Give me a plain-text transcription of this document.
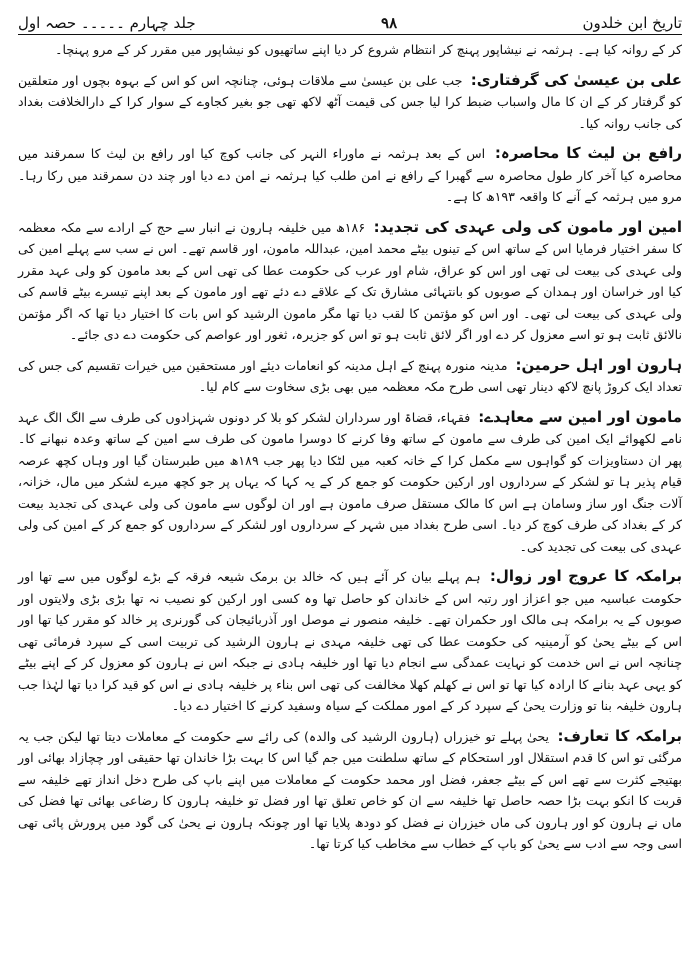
تاریخ ابن خلدون
۹۸
جلد چہارم ۔۔۔۔۔ حصہ اول

کر کے روانہ کیا ہے۔ ہرثمہ نے نیشاپور پہنچ کر انتظام شروع کر دیا اپنے ساتھیوں کو نیشاپور میں مقرر کر کے مرو پہنچا۔

علی بن عیسیٰ کی گرفتاری: جب علی بن عیسیٰ سے ملاقات ہوئی، چنانچہ اس کو اس کے بہوہ بچوں اور متعلقین کو گرفتار کر کے ان کا مال واسباب ضبط کرا لیا جس کی قیمت آٹھ لاکھ تھی جو بغیر کجاوے کے سوار کرا کے دارالخلافت بغداد کی جانب روانہ کیا۔

رافع بن لیث کا محاصرہ: اس کے بعد ہرثمہ نے ماوراء النہر کی جانب کوچ کیا اور رافع بن لیث کا سمرقند میں محاصرہ کیا آخر کار طول محاصرہ سے گھبرا کے رافع نے امن طلب کیا ہرثمہ نے امن دے دیا اور چند دن سمرقند میں رکا رہا۔ مرو میں ہرثمہ کے آنے کا واقعہ ۱۹۳ھ کا ہے۔

امین اور مامون کی ولی عہدی کی تجدید: ۱۸۶ھ میں خلیفہ ہارون نے انبار سے حج کے ارادے سے مکہ معظمہ کا سفر اختیار فرمایا اس کے ساتھ اس کے تینوں بیٹے محمد امین، عبداللہ مامون، اور قاسم تھے۔ اس نے سب سے پہلے امین کی ولی عہدی کی بیعت لی تھی اور اس کو عراق، شام اور عرب کی حکومت عطا کی تھی اس کے بعد مامون کو ولی عہد مقرر کیا اور خراسان اور ہمدان کے صوبوں کو بانتہائی مشارق تک کے علاقے دے دئے تھے اور مامون کے بعد اپنے تیسرے بیٹے قاسم کی ولی عہدی کی بیعت لی تھی۔ اور اس کو مؤتمن کا لقب دیا تھا مگر مامون الرشید کو اس بات کا اختیار دیا تھا کہ اگر مؤتمن نالائق ثابت ہو تو اسے معزول کر دے اور اگر لائق ثابت ہو تو اس کو جزیرہ، ثغور اور عواصم کی حکومت دے دی جائے۔

ہارون اور اہل حرمین: مدینہ منورہ پہنچ کے اہل مدینہ کو انعامات دیئے اور مستحقین میں خیرات تقسیم کی جس کی تعداد ایک کروڑ پانچ لاکھ دینار تھی اسی طرح مکہ معظمہ میں بھی بڑی سخاوت سے کام لیا۔

مامون اور امین سے معاہدے: فقہاء، قضاۃ اور سرداران لشکر کو بلا کر دونوں شہزادوں کی طرف سے الگ الگ عہد نامے لکھوائے ایک امین کی طرف سے مامون کے ساتھ وفا کرنے کا دوسرا مامون کی طرف سے امین کے ساتھ وعدہ نبھانے کا۔ پھر ان دستاویزات کو گواہوں سے مکمل کرا کے خانہ کعبہ میں لٹکا دیا پھر جب ۱۸۹ھ میں طبرستان گیا اور وہاں کچھ عرصہ قیام پذیر ہا تو لشکر کے سرداروں اور ارکین حکومت کو جمع کر کے یہ کہا کہ یہاں پر جو کچھ میرے لشکر میں مال، خزانہ، آلات جنگ اور ساز وسامان ہے اس کا مالک مستقل صرف مامون ہے اور ان لوگوں سے مامون کی ولی عہدی کی تجدید بیعت کر کے بغداد کی طرف کوچ کر دیا۔ اسی طرح بغداد میں شہر کے سرداروں اور لشکر کے سرداروں کو جمع کر کے امین کی ولی عہدی کی بیعت کی تجدید کی۔

برامکہ کا عروج اور زوال: ہم پہلے بیان کر آئے ہیں کہ خالد بن برمک شیعہ فرقہ کے بڑے لوگوں میں سے تھا اور حکومت عباسیہ میں جو اعزاز اور رتبہ اس کے خاندان کو حاصل تھا وہ کسی اور ارکین کو نصیب نہ تھا بڑی بڑی ولایتوں اور صوبوں کے یہ برامکہ ہی مالک اور حکمران تھے۔ خلیفہ منصور نے موصل اور آذربائیجان کی گورنری پر خالد کو مقرر کیا تھا اور اس کے بیٹے یحیٰ کو آرمینیہ کی حکومت عطا کی تھی خلیفہ مہدی نے ہارون الرشید کی تربیت اسی کے سپرد فرمائی تھی چنانچہ اس نے اس خدمت کو نہایت عمدگی سے انجام دیا تھا اور خلیفہ ہادی نے جبکہ اس نے ہارون کو معزول کر کے اپنے بیٹے کو یہی عہد بنانے کا ارادہ کیا تھا تو اس نے کھلم کھلا مخالفت کی تھی اس بناء پر خلیفہ ہادی نے اس کو قید کرا دیا تھا لہٰذا جب ہارون خلیفہ بنا تو وزارت یحیٰ کے سپرد کر کے امور مملکت کے سیاہ وسفید کرنے کا اختیار دے دیا۔

برامکہ کا تعارف: یحیٰ پہلے تو خیزراں (ہارون الرشید کی والدہ) کی رائے سے حکومت کے معاملات دیتا تھا لیکن جب یہ مرگئی تو اس کا قدم استقلال اور استحکام کے ساتھ سلطنت میں جم گیا اس کا بہت بڑا خاندان تھا حقیقی اور چچازاد بھائی اور بھتیجے کثرت سے تھے اس کے بیٹے جعفر، فضل اور محمد حکومت کے معاملات میں اپنے باپ کی طرح دخل انداز تھے خلیفہ سے قربت کا انکو بہت بڑا حصہ حاصل تھا خلیفہ سے ان کو خاص تعلق تھا اور فضل تو خلیفہ ہارون کا رضاعی بھائی تھا فضل کی ماں نے ہارون کو اور ہارون کی ماں خیزران نے فضل کو دودھ پلایا تھا اور چونکہ ہارون نے یحیٰ کی گود میں پرورش پائی تھی اسی وجہ سے ادب سے یحیٰ کو باپ کے خطاب سے مخاطب کیا کرتا تھا۔
